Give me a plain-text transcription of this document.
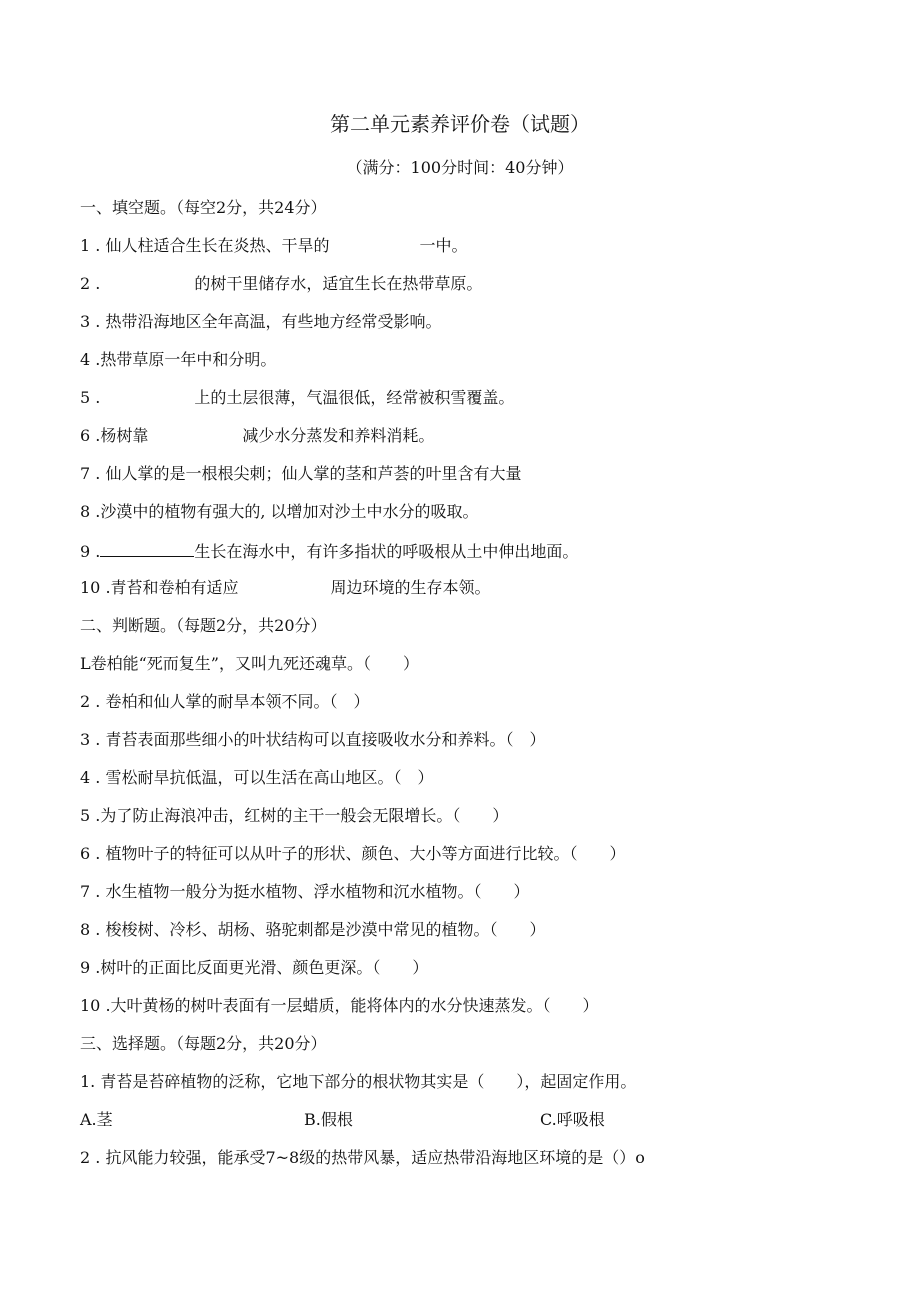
第二单元素养评价卷（试题）
（满分：100分时间：40分钟）
一、填空题。（每空2分，共24分）
1 . 仙人柱适合生长在炎热、干旱的	一中。
2 .	的树干里储存水，适宜生长在热带草原。
3 . 热带沿海地区全年高温，有些地方经常受影响。
4 .热带草原一年中和分明。
5 .	上的土层很薄，气温很低，经常被积雪覆盖。
6 .杨树靠	减少水分蒸发和养料消耗。
7 . 仙人掌的是一根根尖刺；仙人掌的茎和芦荟的叶里含有大量
8 .沙漠中的植物有强大的, 以增加对沙土中水分的吸取。
9 .	生长在海水中，有许多指状的呼吸根从土中伸出地面。
10 .青苔和卷柏有适应	周边环境的生存本领。
二、判断题。（每题2分，共20分）
L卷柏能“死而复生”，又叫九死还魂草。（　　）
2 . 卷柏和仙人掌的耐旱本领不同。（　）
3 . 青苔表面那些细小的叶状结构可以直接吸收水分和养料。（　）
4 . 雪松耐旱抗低温，可以生活在高山地区。（　）
5 .为了防止海浪冲击，红树的主干一般会无限增长。（　　）
6 . 植物叶子的特征可以从叶子的形状、颜色、大小等方面进行比较。（　　）
7 . 水生植物一般分为挺水植物、浮水植物和沉水植物。（　　）
8 . 梭梭树、冷杉、胡杨、骆驼刺都是沙漠中常见的植物。（　　）
9 .树叶的正面比反面更光滑、颜色更深。（　　）
10 .大叶黄杨的树叶表面有一层蜡质，能将体内的水分快速蒸发。（　　）
三、选择题。（每题2分，共20分）
1. 青苔是苔碎植物的泛称，它地下部分的根状物其实是（　　），起固定作用。
A.茎	B.假根	C.呼吸根
2 . 抗风能力较强，能承受7~8级的热带风暴，适应热带沿海地区环境的是（）o
